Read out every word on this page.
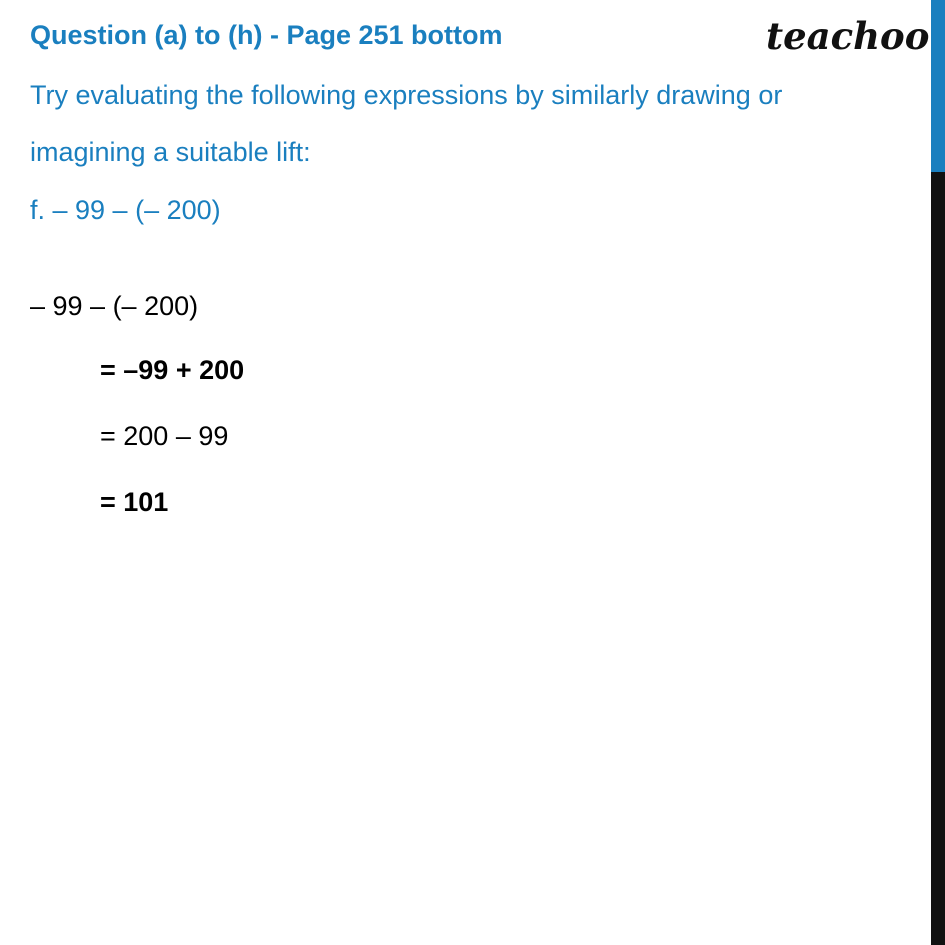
Question (a) to (h) - Page 251 bottom	teachoo
Try evaluating the following expressions by similarly drawing or
imagining a suitable lift:
f. – 99 – (– 200)
– 99 – (– 200)
= –99 + 200
= 200 – 99
= 101
